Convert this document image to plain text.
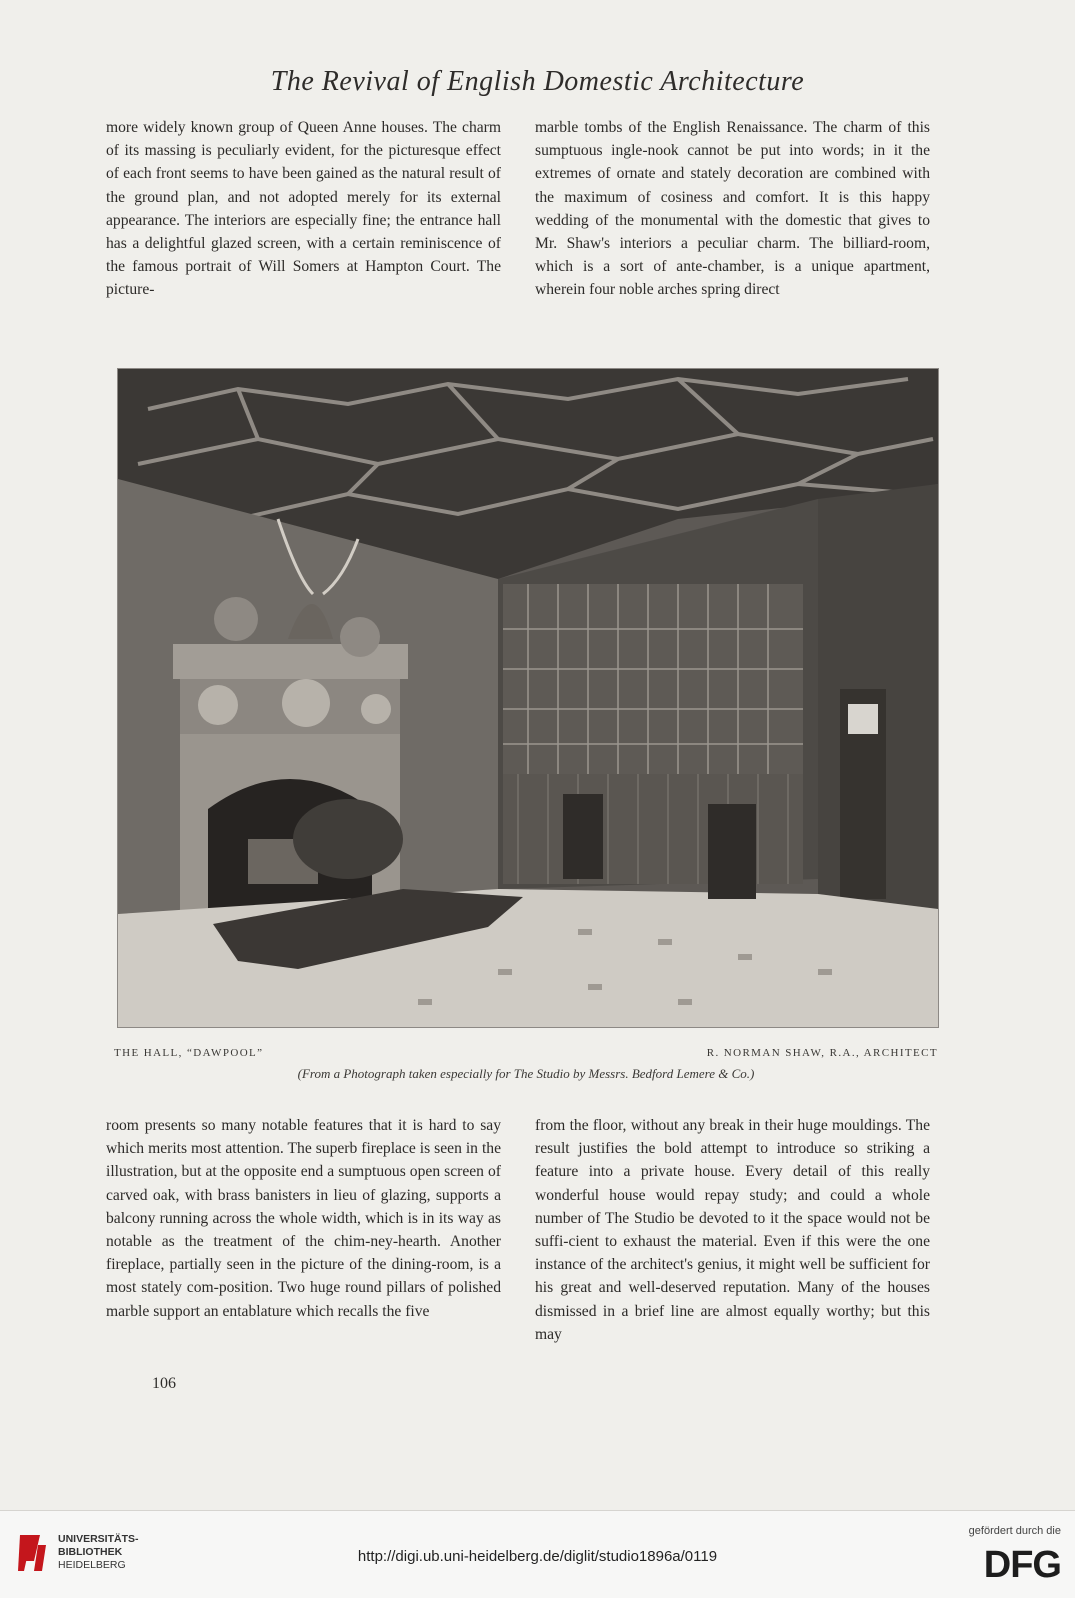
The Revival of English Domestic Architecture

more widely known group of Queen Anne houses. The charm of its massing is peculiarly evident, for the picturesque effect of each front seems to have been gained as the natural result of the ground plan, and not adopted merely for its external appearance. The interiors are especially fine; the entrance hall has a delightful glazed screen, with a certain reminiscence of the famous portrait of Will Somers at Hampton Court. The picture-

marble tombs of the English Renaissance. The charm of this sumptuous ingle-nook cannot be put into words; in it the extremes of ornate and stately decoration are combined with the maximum of cosiness and comfort. It is this happy wedding of the monumental with the domestic that gives to Mr. Shaw's interiors a peculiar charm. The billiard-room, which is a sort of ante-chamber, is a unique apartment, wherein four noble arches spring direct

THE HALL, “DAWPOOL”	R. NORMAN SHAW, R.A., ARCHITECT
(From a Photograph taken especially for The Studio by Messrs. Bedford Lemere & Co.)

room presents so many notable features that it is hard to say which merits most attention. The superb fireplace is seen in the illustration, but at the opposite end a sumptuous open screen of carved oak, with brass banisters in lieu of glazing, supports a balcony running across the whole width, which is in its way as notable as the treatment of the chim-ney-hearth. Another fireplace, partially seen in the picture of the dining-room, is a most stately com-position. Two huge round pillars of polished marble support an entablature which recalls the five

from the floor, without any break in their huge mouldings. The result justifies the bold attempt to introduce so striking a feature into a private house. Every detail of this really wonderful house would repay study; and could a whole number of The Studio be devoted to it the space would not be suffi-cient to exhaust the material. Even if this were the one instance of the architect's genius, it might well be sufficient for his great and well-deserved reputation. Many of the houses dismissed in a brief line are almost equally worthy; but this may

106
UNIVERSITÄTS-
BIBLIOTHEK
HEIDELBERG	http://digi.ub.uni-heidelberg.de/diglit/studio1896a/0119
gefördert durch die
DFG
